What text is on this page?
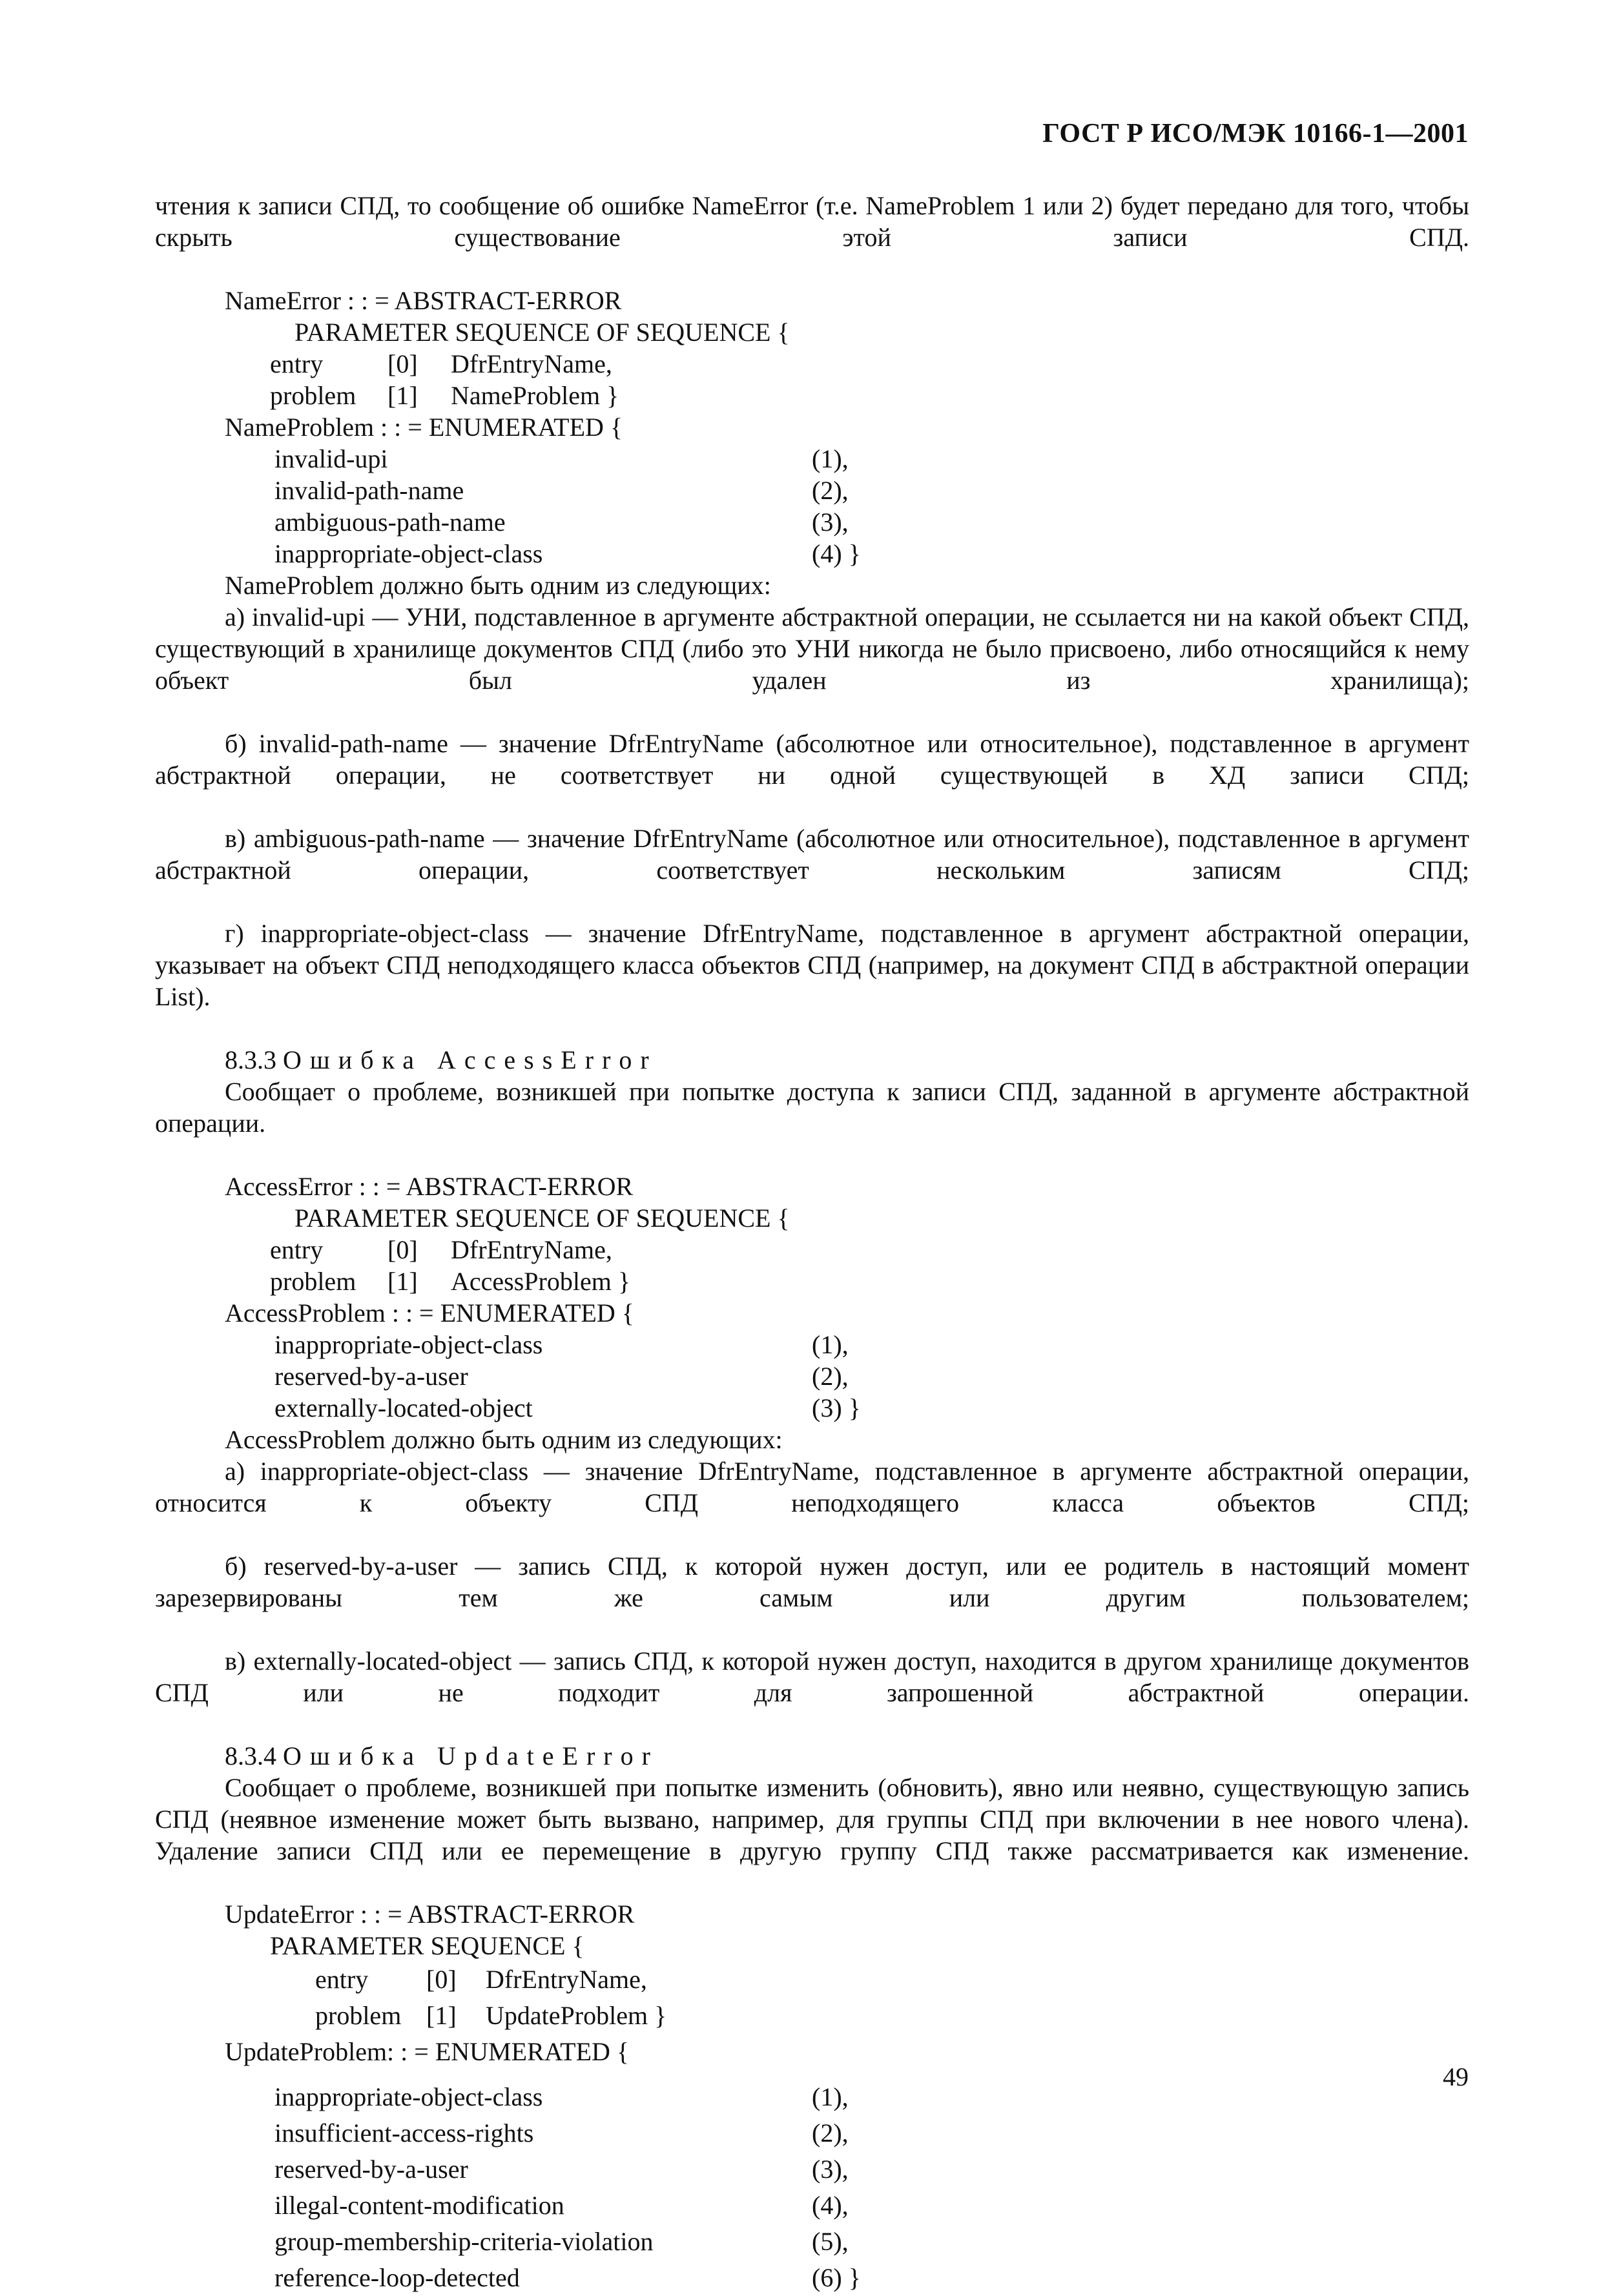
ГОСТ Р ИСО/МЭК 10166-1—2001

чтения к записи СПД, то сообщение об ошибке NameError (т.е. NameProblem 1 или 2) будет передано для того, чтобы скрыть существование этой записи СПД.

NameError : : = ABSTRACT-ERROR

PARAMETER SEQUENCE OF SEQUENCE {

entry	[0]	DfrEntryName,
problem	[1]	NameProblem }

NameProblem : : = ENUMERATED {

invalid-upi	(1),
invalid-path-name	(2),
ambiguous-path-name	(3),
inappropriate-object-class	(4) }

NameProblem должно быть одним из следующих:

а) invalid-upi — УНИ, подставленное в аргументе абстрактной операции, не ссылается ни на какой объект СПД, существующий в хранилище документов СПД (либо это УНИ никогда не было присвоено, либо относящийся к нему объект был удален из хранилища);

б) invalid-path-name — значение DfrEntryName (абсолютное или относительное), подставленное в аргумент абстрактной операции, не соответствует ни одной существующей в ХД записи СПД;

в) ambiguous-path-name — значение DfrEntryName (абсолютное или относительное), подставленное в аргумент абстрактной операции, соответствует нескольким записям СПД;

г) inappropriate-object-class — значение DfrEntryName, подставленное в аргумент абстрактной операции, указывает на объект СПД неподходящего класса объектов СПД (например, на документ СПД в абстрактной операции List).

8.3.3 Ошибка AccessError

Сообщает о проблеме, возникшей при попытке доступа к записи СПД, заданной в аргументе абстрактной операции.

AccessError : : = ABSTRACT-ERROR

PARAMETER SEQUENCE OF SEQUENCE {

entry	[0]	DfrEntryName,
problem	[1]	AccessProblem }

AccessProblem : : = ENUMERATED {

inappropriate-object-class	(1),
reserved-by-a-user	(2),
externally-located-object	(3) }

AccessProblem должно быть одним из следующих:

а) inappropriate-object-class — значение DfrEntryName, подставленное в аргументе абстрактной операции, относится к объекту СПД неподходящего класса объектов СПД;

б) reserved-by-a-user — запись СПД, к которой нужен доступ, или ее родитель в настоящий момент зарезервированы тем же самым или другим пользователем;

в) externally-located-object — запись СПД, к которой нужен доступ, находится в другом хранилище документов СПД или не подходит для запрошенной абстрактной операции.

8.3.4 Ошибка UpdateError

Сообщает о проблеме, возникшей при попытке изменить (обновить), явно или неявно, существующую запись СПД (неявное изменение может быть вызвано, например, для группы СПД при включении в нее нового члена). Удаление записи СПД или ее перемещение в другую группу СПД также рассматривается как изменение.

UpdateError : : = ABSTRACT-ERROR

PARAMETER SEQUENCE {

entry	[0]	DfrEntryName,
problem [1]	UpdateProblem }

UpdateProblem: : = ENUMERATED {

inappropriate-object-class	(1),
insufficient-access-rights	(2),
reserved-by-a-user	(3),
illegal-content-modification	(4),
group-membership-criteria-violation	(5),
reference-loop-detected	(6) }
49
